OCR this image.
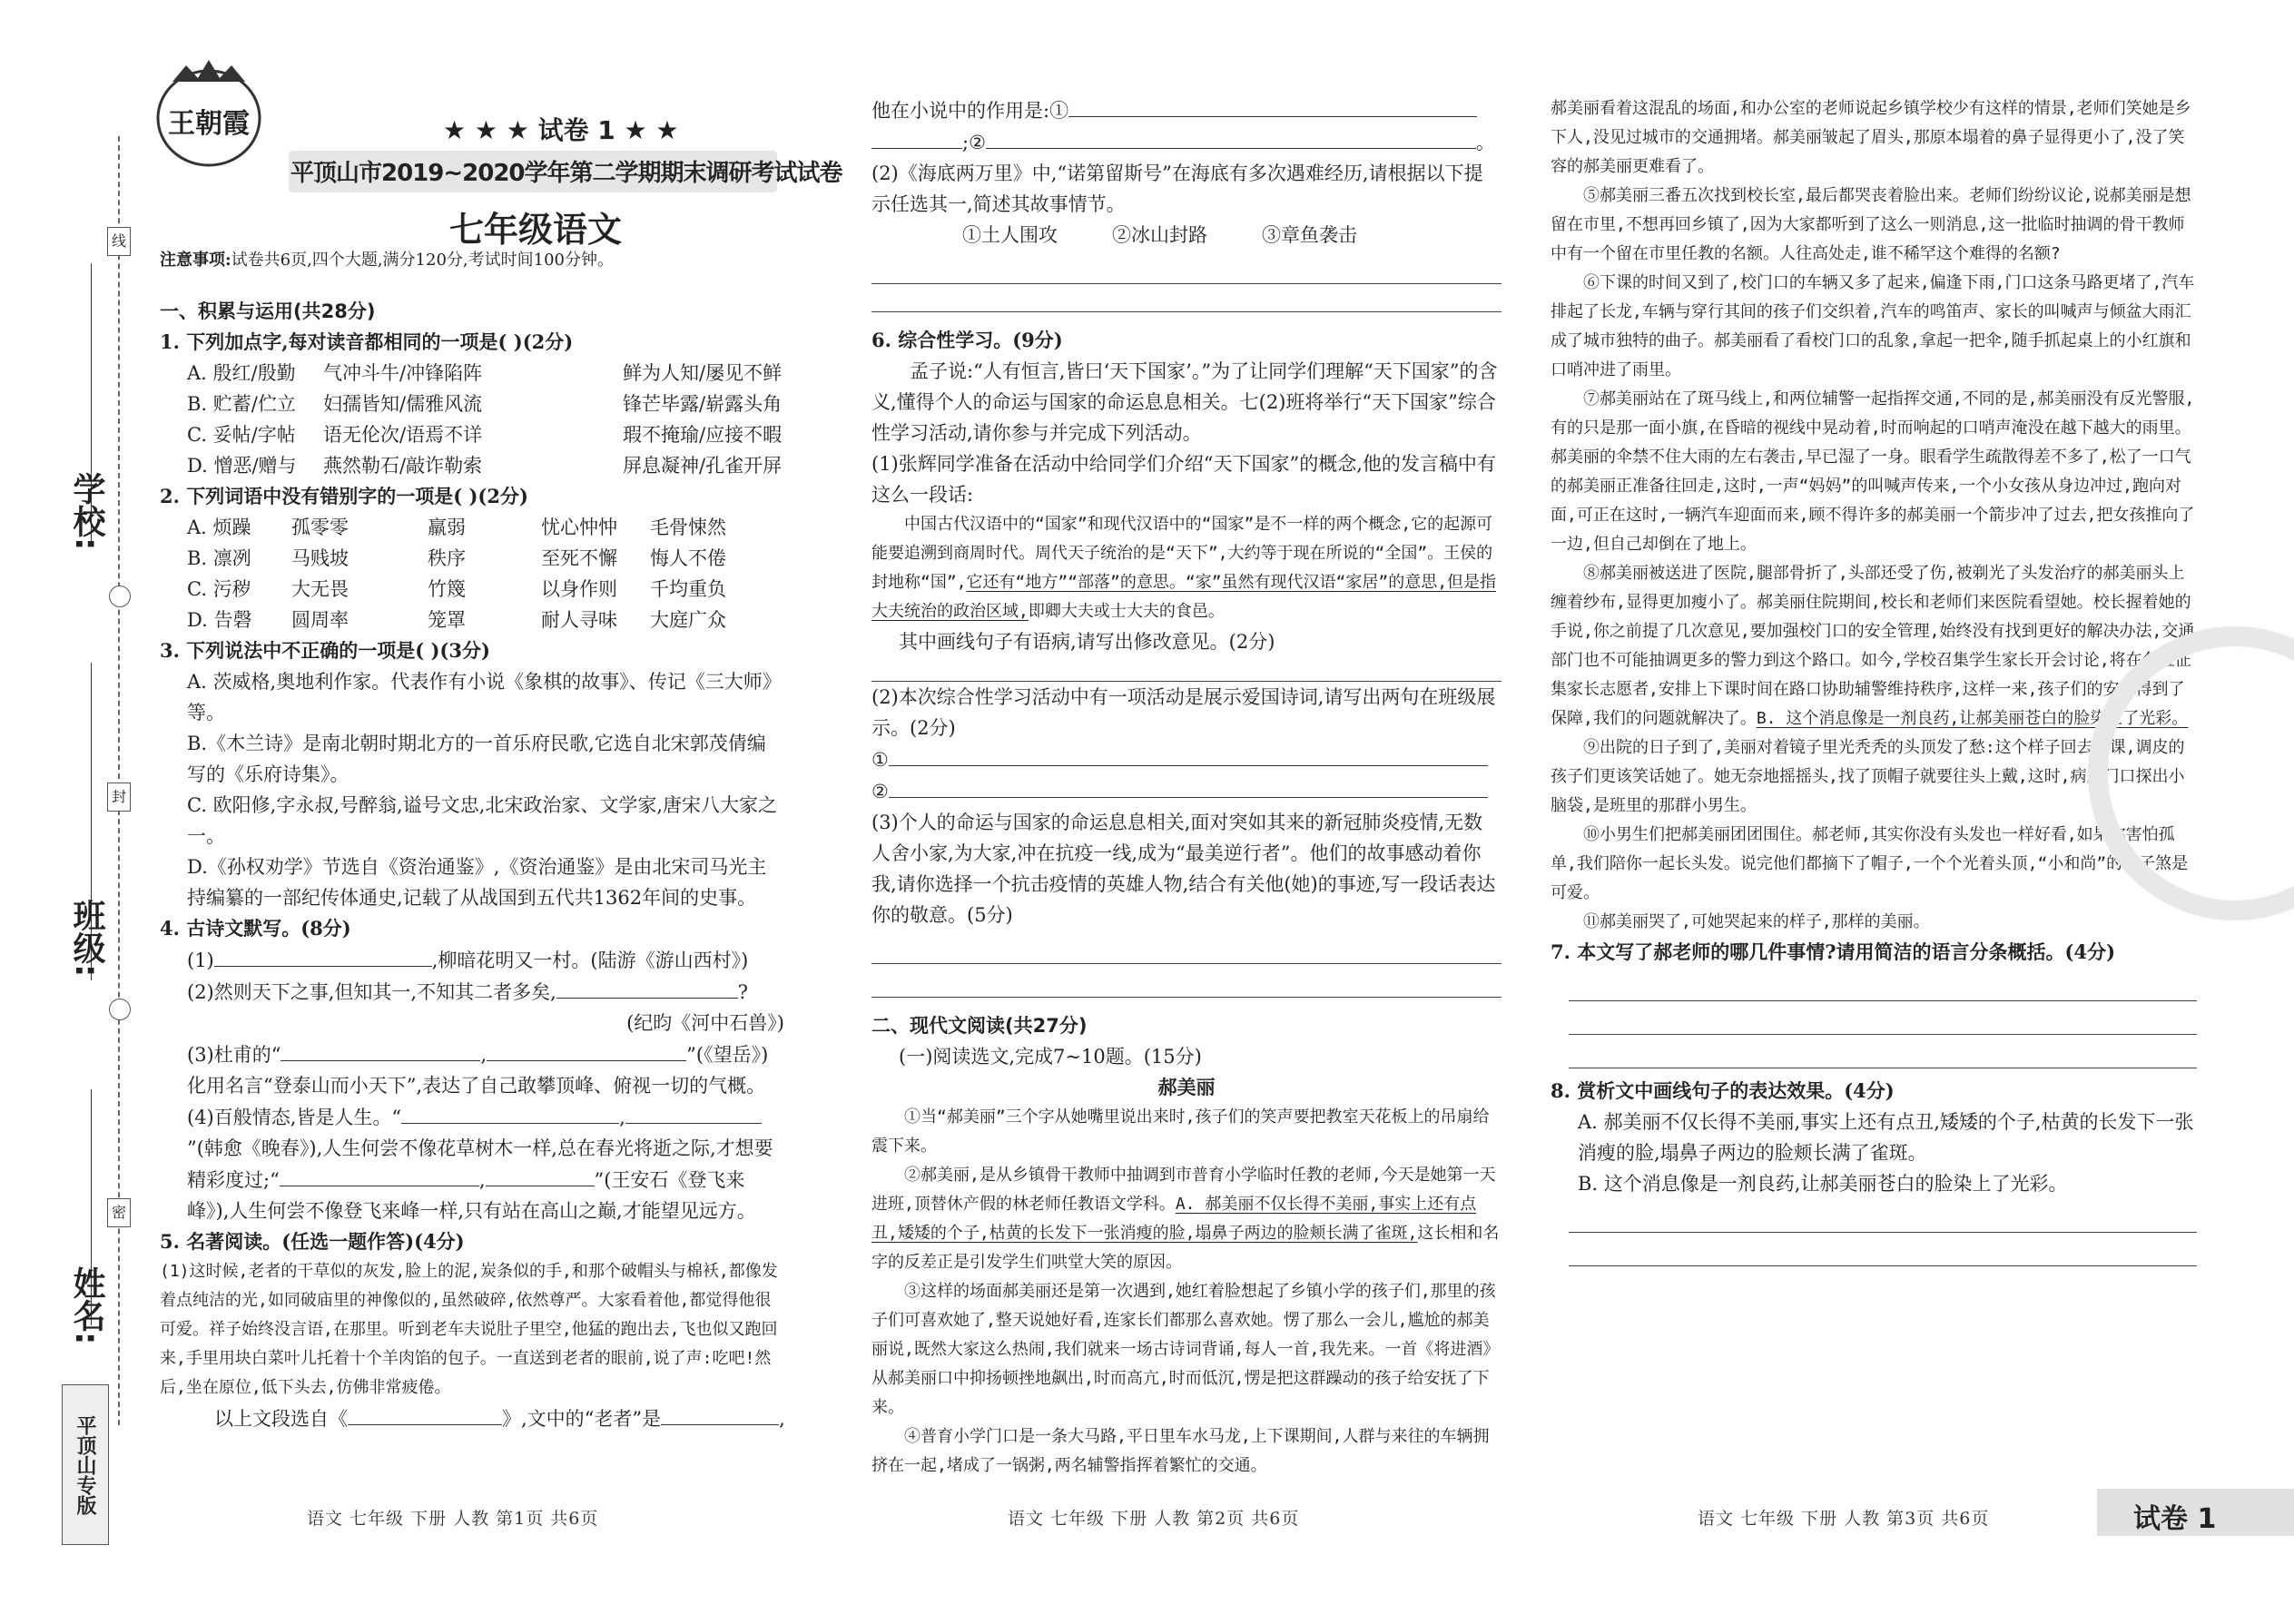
学校:
线
班级:
封
密
姓名:
平顶山专版
王朝霞	★ ★ ★ 试卷 1 ★ ★
平顶山市2019~2020学年第二学期期末调研考试试卷
七年级语文
注意事项:试卷共6页,四个大题,满分120分,考试时间100分钟。

一、积累与运用(共28分)

1. 下列加点字,每对读音都相同的一项是( )(2分)

A. 殷红/殷勤	气冲斗牛/冲锋陷阵	鲜为人知/屡见不鲜
B. 贮蓄/伫立	妇孺皆知/儒雅风流	锋芒毕露/崭露头角
C. 妥帖/字帖	语无伦次/语焉不详	瑕不掩瑜/应接不暇
D. 憎恶/赠与	燕然勒石/敲诈勒索	屏息凝神/孔雀开屏

2. 下列词语中没有错别字的一项是( )(2分)

A. 烦躁	孤零零	羸弱	忧心忡忡	毛骨悚然
B. 凛冽	马贱坡	秩序	至死不懈	悔人不倦
C. 污秽	大无畏	竹篾	以身作则	千均重负
D. 告磬	圆周率	笼罩	耐人寻味	大庭广众

3. 下列说法中不正确的一项是( )(3分)

A. 茨威格,奥地利作家。代表作有小说《象棋的故事》、传记《三大师》等。

B.《木兰诗》是南北朝时期北方的一首乐府民歌,它选自北宋郭茂倩编写的《乐府诗集》。

C. 欧阳修,字永叔,号醉翁,谥号文忠,北宋政治家、文学家,唐宋八大家之一。

D.《孙权劝学》节选自《资治通鉴》,《资治通鉴》是由北宋司马光主持编纂的一部纪传体通史,记载了从战国到五代共1362年间的史事。

4. 古诗文默写。(8分)

(1)	,柳暗花明又一村。(陆游《游山西村》)

(2)然则天下之事,但知其一,不知其二者多矣,	?

(纪昀《河中石兽》)

(3)杜甫的“	,	”(《望岳》)化用名言“登泰山而小天下”,表达了自己敢攀顶峰、俯视一切的气概。

(4)百般情态,皆是人生。“	,”(韩愈《晚春》),人生何尝不像花草树木一样,总在春光将逝之际,才想要精彩度过;“	,	”(王安石《登飞来峰》),人生何尝不像登飞来峰一样,只有站在高山之巅,才能望见远方。

5. 名著阅读。(任选一题作答)(4分)

(1)这时候,老者的干草似的灰发,脸上的泥,炭条似的手,和那个破帽头与棉袄,都像发着点纯洁的光,如同破庙里的神像似的,虽然破碎,依然尊严。大家看着他,都觉得他很可爱。祥子始终没言语,在那里。听到老车夫说肚子里空,他猛的跑出去,飞也似又跑回来,手里用块白菜叶儿托着十个羊肉馅的包子。一直送到老者的眼前,说了声:吃吧!然后,坐在原位,低下头去,仿佛非常疲倦。

以上文段选自《	》,文中的“老者”是	,

他在小说中的作用是:①

;②	。

(2)《海底两万里》中,“诺第留斯号”在海底有多次遇难经历,请根据以下提示任选其一,简述其故事情节。

①土人围攻	②冰山封路	③章鱼袭击

6. 综合性学习。(9分)

孟子说:“人有恒言,皆曰‘天下国家’。”为了让同学们理解“天下国家”的含义,懂得个人的命运与国家的命运息息相关。七(2)班将举行“天下国家”综合性学习活动,请你参与并完成下列活动。

(1)张辉同学准备在活动中给同学们介绍“天下国家”的概念,他的发言稿中有这么一段话:

中国古代汉语中的“国家”和现代汉语中的“国家”是不一样的两个概念,它的起源可能要追溯到商周时代。周代天子统治的是“天下”,大约等于现在所说的“全国”。王侯的封地称“国”,它还有“地方”“部落”的意思。“家”虽然有现代汉语“家居”的意思,但是指大夫统治的政治区域,即卿大夫或士大夫的食邑。

其中画线句子有语病,请写出修改意见。(2分)

(2)本次综合性学习活动中有一项活动是展示爱国诗词,请写出两句在班级展示。(2分)

①

②

(3)个人的命运与国家的命运息息相关,面对突如其来的新冠肺炎疫情,无数人舍小家,为大家,冲在抗疫一线,成为“最美逆行者”。他们的故事感动着你我,请你选择一个抗击疫情的英雄人物,结合有关他(她)的事迹,写一段话表达你的敬意。(5分)

二、现代文阅读(共27分)

(一)阅读选文,完成7~10题。(15分)

郝美丽

①当“郝美丽”三个字从她嘴里说出来时,孩子们的笑声要把教室天花板上的吊扇给震下来。

②郝美丽,是从乡镇骨干教师中抽调到市普育小学临时任教的老师,今天是她第一天进班,顶替休产假的林老师任教语文学科。A. 郝美丽不仅长得不美丽,事实上还有点丑,矮矮的个子,枯黄的长发下一张消瘦的脸,塌鼻子两边的脸颊长满了雀斑,这长相和名字的反差正是引发学生们哄堂大笑的原因。

③这样的场面郝美丽还是第一次遇到,她红着脸想起了乡镇小学的孩子们,那里的孩子们可喜欢她了,整天说她好看,连家长们都那么喜欢她。愣了那么一会儿,尴尬的郝美丽说,既然大家这么热闹,我们就来一场古诗词背诵,每人一首,我先来。一首《将进酒》从郝美丽口中抑扬顿挫地飙出,时而高亢,时而低沉,愣是把这群躁动的孩子给安抚了下来。

④普育小学门口是一条大马路,平日里车水马龙,上下课期间,人群与来往的车辆拥挤在一起,堵成了一锅粥,两名辅警指挥着繁忙的交通。

郝美丽看着这混乱的场面,和办公室的老师说起乡镇学校少有这样的情景,老师们笑她是乡下人,没见过城市的交通拥堵。郝美丽皱起了眉头,那原本塌着的鼻子显得更小了,没了笑容的郝美丽更难看了。

⑤郝美丽三番五次找到校长室,最后都哭丧着脸出来。老师们纷纷议论,说郝美丽是想留在市里,不想再回乡镇了,因为大家都听到了这么一则消息,这一批临时抽调的骨干教师中有一个留在市里任教的名额。人往高处走,谁不稀罕这个难得的名额?

⑥下课的时间又到了,校门口的车辆又多了起来,偏逢下雨,门口这条马路更堵了,汽车排起了长龙,车辆与穿行其间的孩子们交织着,汽车的鸣笛声、家长的叫喊声与倾盆大雨汇成了城市独特的曲子。郝美丽看了看校门口的乱象,拿起一把伞,随手抓起桌上的小红旗和口哨冲进了雨里。

⑦郝美丽站在了斑马线上,和两位辅警一起指挥交通,不同的是,郝美丽没有反光警服,有的只是那一面小旗,在昏暗的视线中晃动着,时而响起的口哨声淹没在越下越大的雨里。郝美丽的伞禁不住大雨的左右袭击,早已湿了一身。眼看学生疏散得差不多了,松了一口气的郝美丽正准备往回走,这时,一声“妈妈”的叫喊声传来,一个小女孩从身边冲过,跑向对面,可正在这时,一辆汽车迎面而来,顾不得许多的郝美丽一个箭步冲了过去,把女孩推向了一边,但自己却倒在了地上。

⑧郝美丽被送进了医院,腿部骨折了,头部还受了伤,被剃光了头发治疗的郝美丽头上缠着纱布,显得更加瘦小了。郝美丽住院期间,校长和老师们来医院看望她。校长握着她的手说,你之前提了几次意见,要加强校门口的安全管理,始终没有找到更好的解决办法,交通部门也不可能抽调更多的警力到这个路口。如今,学校召集学生家长开会讨论,将在各班征集家长志愿者,安排上下课时间在路口协助辅警维持秩序,这样一来,孩子们的安全得到了保障,我们的问题就解决了。B. 这个消息像是一剂良药,让郝美丽苍白的脸染上了光彩。

⑨出院的日子到了,美丽对着镜子里光秃秃的头顶发了愁:这个样子回去上课,调皮的孩子们更该笑话她了。她无奈地摇摇头,找了顶帽子就要往头上戴,这时,病房门口探出小脑袋,是班里的那群小男生。

⑩小男生们把郝美丽团团围住。郝老师,其实你没有头发也一样好看,如果你害怕孤单,我们陪你一起长头发。说完他们都摘下了帽子,一个个光着头顶,“小和尚”的样子煞是可爱。

⑪郝美丽哭了,可她哭起来的样子,那样的美丽。

7. 本文写了郝老师的哪几件事情?请用简洁的语言分条概括。(4分)

8. 赏析文中画线句子的表达效果。(4分)

A. 郝美丽不仅长得不美丽,事实上还有点丑,矮矮的个子,枯黄的长发下一张消瘦的脸,塌鼻子两边的脸颊长满了雀斑。

B. 这个消息像是一剂良药,让郝美丽苍白的脸染上了光彩。

语文 七年级 下册 人教 第1页 共6页	语文 七年级 下册 人教 第2页 共6页	语文 七年级 下册 人教 第3页 共6页	试卷 1
